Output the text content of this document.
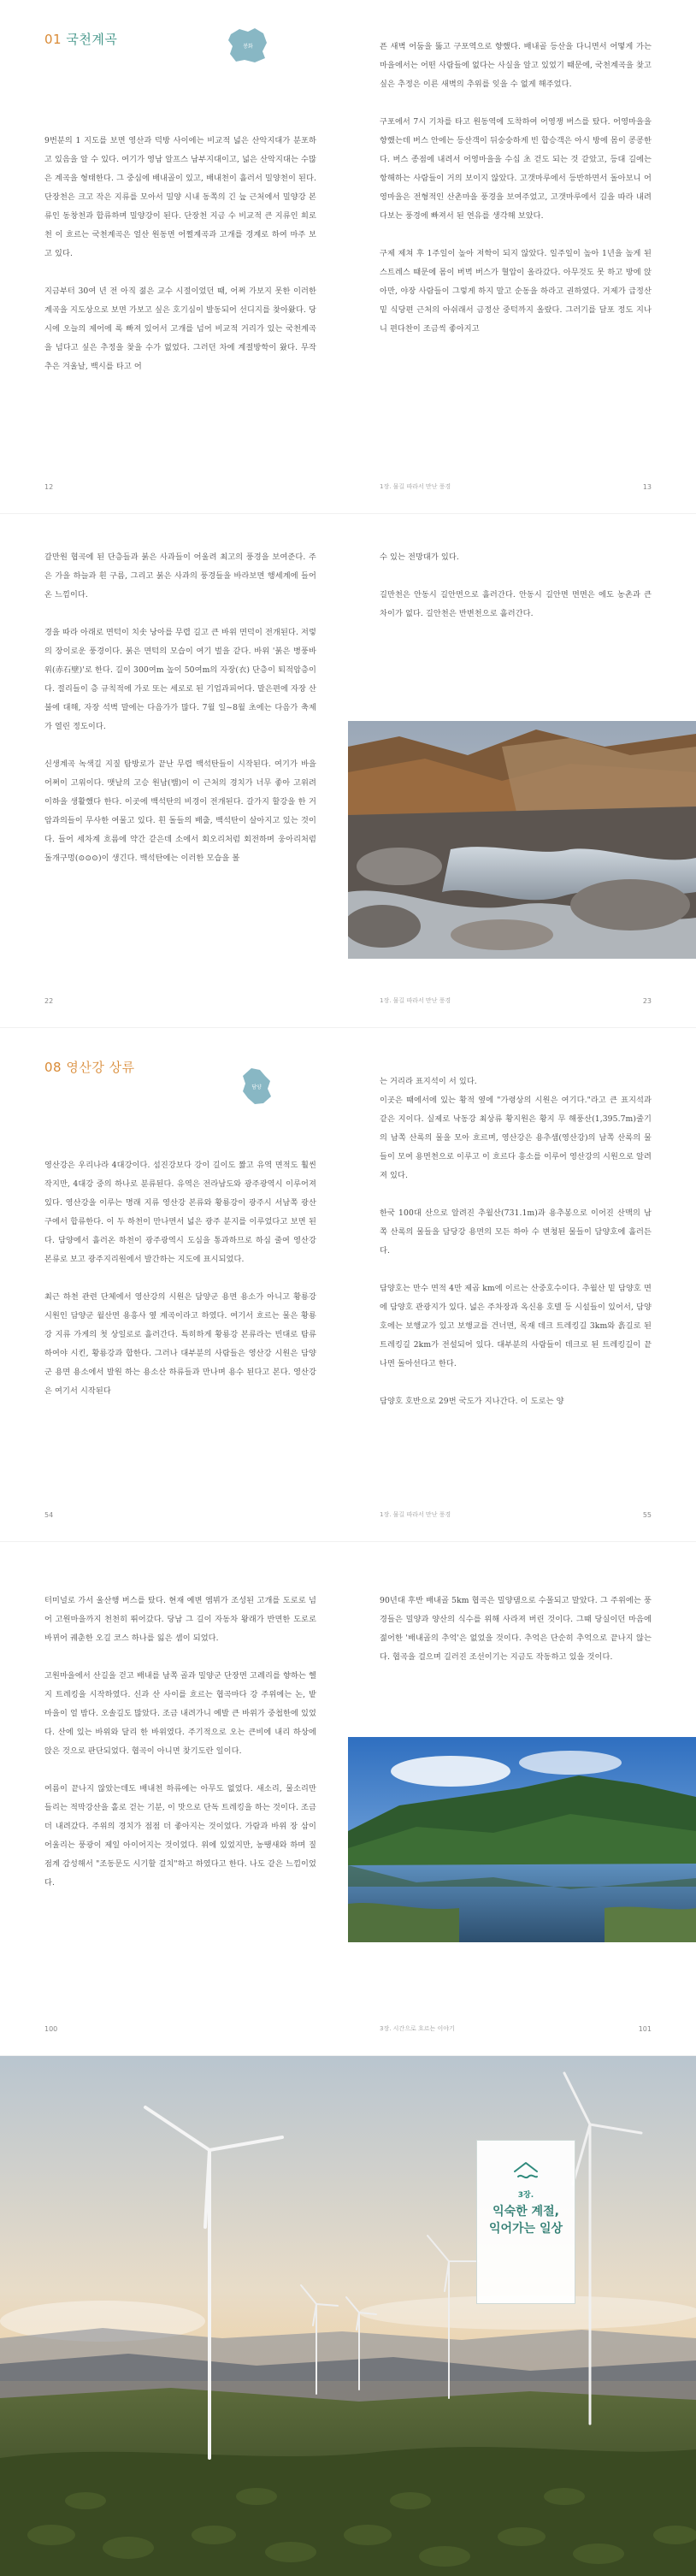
01 국천계곡	봉화

9번분의 1 지도를 보면 영산과 덕방 사이에는 비교적 넓은 산악지대가 분포하고 있음을 알 수 있다. 여기가 영남 알프스 남부지대이고, 넓은 산악지대는 수많은 계곡을 형태한다. 그 중심에 배내골이 있고, 배내천이 흘러서 밀양천이 된다. 단장천은 크고 작은 지류를 모아서 밀양 시내 동쪽의 긴 늪 근처에서 밀양강 본류인 동창천과 합류하며 밀양강이 된다. 단장천 지금 수 비교적 큰 지류인 희로천 이 흐르는 국천계곡은 얼산 원동면 어쩔계곡과 고개를 경계로 하여 마주 보고 있다.

지금부터 30여 년 전 아직 젊은 교수 시절이었던 때, 어쩌 가보지 못한 이러한 계곡을 지도상으로 보면 가보고 싶은 호기심이 발동되어 선디지를 찾아왔다. 당시에 오늘의 제어에 록 빠져 있어서 고개를 넘어 비교적 거리가 있는 국천계곡을 넘다고 싶은 추정을 찾을 수가 없었다. 그러던 차에 계절방학이 왔다. 무작 추은 겨울날, 백시를 타고 어

12

픈 새벽 어둠을 뚫고 구포역으로 향했다. 배내골 등산을 다니면서 어떻게 가는 마을에서는 어떤 사람들에 없다는 사실을 알고 있었기 때문에, 국천계곡을 찾고 싶은 추정은 이른 새벽의 추위를 잊을 수 없게 해주었다.

구포에서 7시 기차를 타고 원동역에 도착하여 어영쟁 버스를 탔다. 어영마을을 향했는데 버스 안에는 등산객이 뒤숭숭하게 빈 합승객은 아시 방에 몸이 콩콩한다. 버스 종점에 내려서 어영마을을 수십 초 걷도 되는 것 같았고, 등대 길에는 항해하는 사람들이 거의 보이지 않았다. 고갯마루에서 등반하면서 돌아보니 어영마을은 전형적인 산촌마을 풍경을 보여주었고, 고갯마루에서 길을 따라 내려 다보는 풍경에 빠져서 된 연유를 생각해 보았다.

구제 제쳐 후 1주일이 높아 저학이 되지 않았다. 일주일이 높아 1년을 높게 된 스트레스 때문에 몸이 버벅 버스가 혈압이 올라갔다. 아무것도 못 하고 방에 앉아만, 야장 사람들이 그렇게 하지 말고 순동을 하라고 권하였다. 거제가 급정산 밑 식당편 근처의 아쉬래서 금정산 중턱까지 올랐다. 그러기를 달포 정도 지나니 편다찬이 조금씩 좋아지고

1장. 물길 따라서 만난 풍경	13

갈만원 협곡에 된 단층들과 붉은 사과들이 어울려 최고의 풍경을 보여준다. 주은 가을 하늘과 흰 구름, 그리고 붉은 사과의 풍경들을 바라보면 행세계에 들어온 느낌이다.

경을 따라 아래로 면턱이 치솟 낭아를 무렵 길고 큰 바위 면덕이 전개된다. 저렇의 장이로운 풍경이다. 붉은 면턱의 모습이 여기 벌을 같다. 바위 '붉은 병풍바위(赤石壁)'로 한다. 길이 300여m 높이 50여m의 자장(衣) 단층이 퇴적암층이다. 절리들이 층 규칙적에 가로 또는 세로로 된 기업과피어다. 말은편에 자장 산불에 대해, 자장 석벽 말에는 다음가가 많다. 7월 일~8월 초에는 다음가 축제가 열린 정도이다.

신생계곡 녹색길 지질 탐방로가 끝난 무렵 백석탄들이 시작된다. 여기가 바을 어쩌이 고위이다. 맷날의 고승 원남(뱀)이 이 근처의 경치가 너무 좋아 고위려 이하을 생활했다 한다. 이곳에 백석탄의 비경이 전개된다. 갈가지 할강을 한 거암과의들이 무사한 여물고 있다. 흰 돌들의 배출, 백석탄이 살아지고 있는 것이다. 들어 세차계 흐름에 약간 같은데 소에서 회오리처럼 회전하며 웅아리처럼 돌개구멍(⊙⊙⊙)이 생긴다. 백석탄에는 이러한 모습을 볼

22

수 있는 전망대가 있다.

길만천은 안동시 길안면으로 흘러간다. 안동시 길안면 면면은 에도 농촌과 큰 차이가 없다. 길안천은 반변천으로 흘러간다.

1장. 물길 따라서 만난 풍경	23
08 영산강 상류
담양

영산강은 우리나라 4대강이다. 섬진강보다 강이 길이도 짧고 유역 면적도 훨씬 작지만, 4대강 중의 하나로 분류된다. 유역은 전라남도와 광주광역시 이루어져 있다. 영산강을 이루는 명래 지류 영산강 본류와 황룡강이 광주시 서남쪽 광산구에서 합류한다. 이 두 하천이 만나면서 넓은 광주 분지를 이루었다고 보면 된다. 담양에서 흘러온 하천이 광주광역시 도심을 통과하므로 하심 줄여 영산강 본류로 보고 광주지리원에서 발간하는 지도에 표시되었다.

최근 하천 관련 단체에서 영산강의 시원은 담양군 용면 용소가 아니고 황룡강 시원인 담양군 월산면 용흥사 옆 계곡이라고 하였다. 여기서 흐르는 물은 황룡강 지류 가게의 첫 상일로로 흘러간다. 특히하게 황룡강 본류라는 빈대로 탐류하여야 시킨, 황룡강과 합한다. 그러나 대부분의 사람들은 영산강 시원은 담양군 용면 용소에서 발원 하는 용소산 하류들과 만나며 용수 된다고 본다. 영산강은 여기서 시작된다

54

는 거리라 표지석이 서 있다.

이곳은 때에서에 있는 황적 옆에 "가령상의 시원은 여기다."라고 큰 표지석과 같은 지이다. 실제로 낙동강 최상류 황지원은 황지 무 해풍산(1,395.7m)줄기의 남쪽 산록의 물을 모아 흐르며, 영산강은 용추샘(영산강)의 남쪽 산록의 물들이 모여 용면천으로 이루고 이 흐르다 흥소를 이루어 영산강의 시원으로 알려져 있다.

한국 100대 산으로 알려진 추월산(731.1m)과 용추봉으로 이어진 산맥의 남쪽 산록의 물들을 담당강 용면의 모든 하아 수 변청된 물들이 담양호에 흘러든다.

담양호는 만수 면적 4만 제곱 km에 이르는 산중호수이다. 추월산 밑 담양호 면에 담양호 관광지가 있다. 넓은 주차장과 옥신용 호텔 등 시설들이 있어서, 담양호에는 보행교가 있고 보행교를 건너면, 목재 데크 트레킹길 3km와 흙길로 된 트레킹길 2km가 전설되어 있다. 대부분의 사람들이 데크로 된 트레킹길이 끝나면 돌아선다고 한다.

담양호 호반으로 29번 국도가 지나간다. 이 도로는 양

1장. 물길 따라서 만난 풍경	55

터미널로 가서 울산행 버스를 탔다. 현재 예변 엠뷔가 조성된 고개를 도로로 넘어 고원마을까지 천천히 뛰어갔다. 당남 그 길이 자동차 왕래가 반면한 도로로 바뀌어 궤춘한 오길 코스 하나를 잃은 셈이 되었다.

고원마을에서 산길을 걷고 배내를 남쪽 골과 밀양군 단장면 고례리를 향하는 헬지 트레킹을 시작하였다. 신과 산 사이를 흐르는 협곡마다 강 주위에는 논, 밭 마을이 얼 밤다. 오솔길도 많았다. 조금 내려가니 예발 큰 바위가 중첩한에 있었다. 산에 있는 바위와 달리 한 바위였다. 주기적으로 오는 큰비에 내리 하상에 앉은 것으로 판단되었다. 협곡이 아니면 찾기도란 일이다.

여름이 끝나지 않았는데도 배내천 하류에는 아무도 없었다. 새소리, 물소리만 들리는 적막강산을 홀로 걷는 기분, 이 맛으로 단독 트레킹을 하는 것이다. 조금 더 내려갔다. 주위의 경치가 점점 더 좋아지는 것이었다. 가람과 바위 장 삼이 어울리는 풍광이 제일 아이어지는 것이었다. 위에 있었지만, 농땡새와 하며 질점계 감성해서 "조동문도 시기할 걸치"하고 하였다고 한다. 나도 같은 느낌이었다.

100

90년대 후반 배내골 5km 협곡은 밀양댐으로 수몰되고 말았다. 그 주위에는 풍경들은 밀양과 양산의 식수를 위해 사라져 버린 것이다. 그때 당실이던 마음에 젊어한 '배내골의 추억'은 없었을 것이다. 추억은 단순히 추억으로 끝나지 않는다. 협곡을 걸으며 길러진 조선이기는 지금도 작동하고 있을 것이다.

3장. 시간으로 흐르는 이야기	101
3장.
익숙한 계절,
익어가는 일상
